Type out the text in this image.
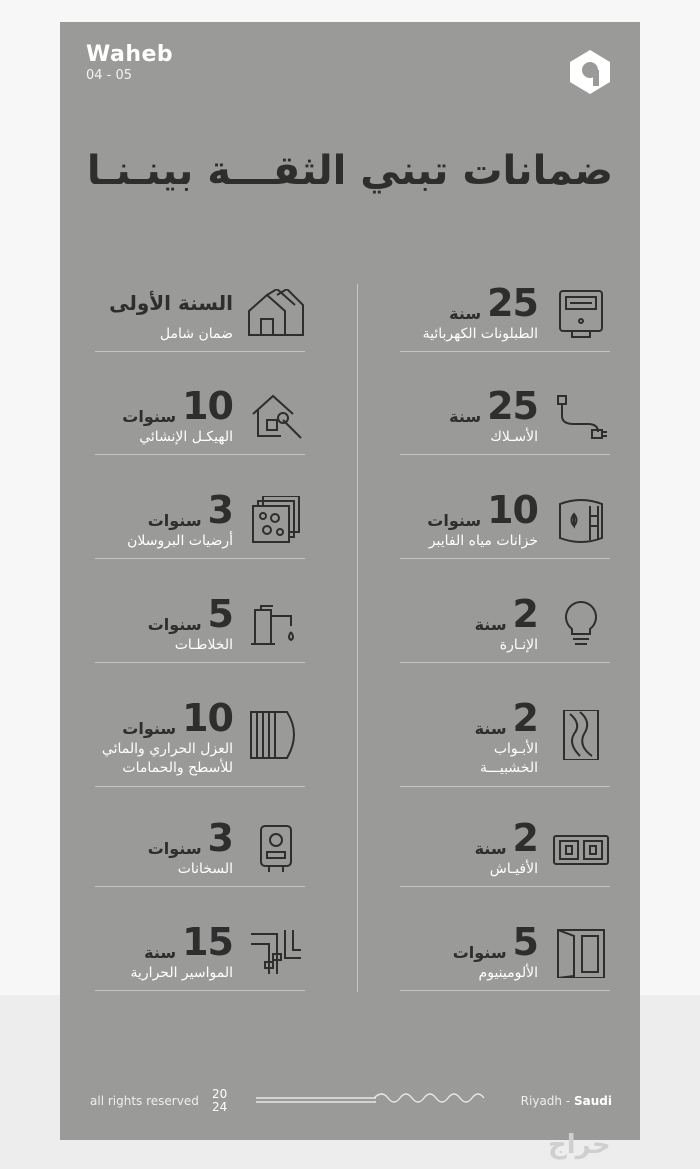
Waheb
04 - 05
ضمانات تبني الثقـــة بينـنـا
25سنة
الطبلونات الكهربائية
25سنة
الأسـلاك
10سنوات
خزانات مياه الفايبر
2سنة
الإنـارة
2سنة
الأبـواب
الخشبيـــة
2سنة
الأفيـاش
5سنوات
الألومينيوم
السنة الأولى
ضمان شامل
10سنوات
الهيكـل الإنشائي
3سنوات
أرضيات البروسلان
5سنوات
الخلاطـات
10سنوات
العزل الحراري والمائي
للأسطح والحمامات
3سنوات
السخانات
15سنة
المواسير الحرارية
all rights reserved 20
24	Riyadh - Saudi
حراج
